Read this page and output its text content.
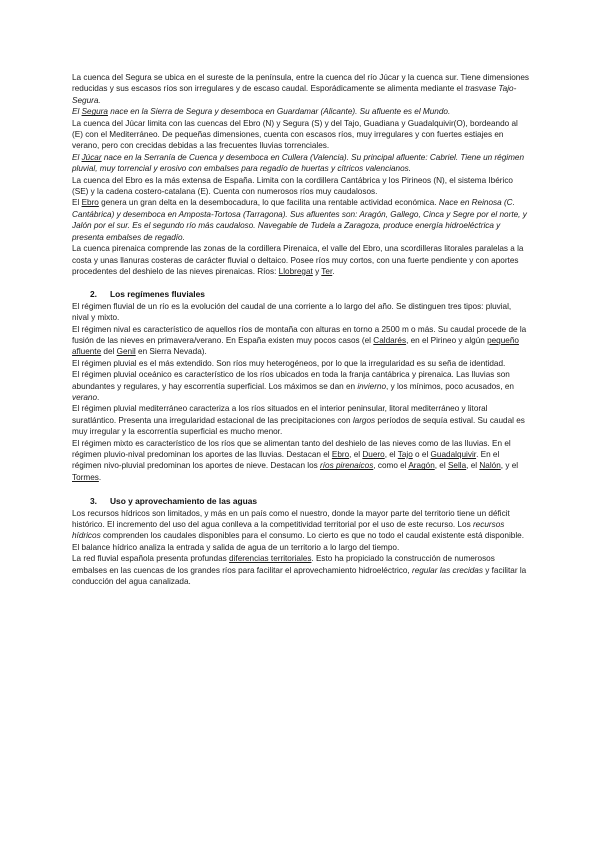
La cuenca del Segura se ubica en el sureste de la península, entre la cuenca del río Júcar y la cuenca sur. Tiene dimensiones reducidas y sus escasos ríos son irregulares y de escaso caudal. Esporádicamente se alimenta mediante el trasvase Tajo-Segura.

El Segura nace en la Sierra de Segura y desemboca en Guardamar (Alicante). Su afluente es el Mundo.

La cuenca del Júcar limita con las cuencas del Ebro (N) y Segura (S) y del Tajo, Guadiana y Guadalquivir(O), bordeando al (E) con el Mediterráneo. De pequeñas dimensiones, cuenta con escasos ríos, muy irregulares y con fuertes estiajes en verano, pero con crecidas debidas a las frecuentes lluvias torrenciales.

El Júcar nace en la Serranía de Cuenca y desemboca en Cullera (Valencia). Su principal afluente: Cabriel. Tiene un régimen pluvial, muy torrencial y erosivo con embalses para regadío de huertas y cítricos valencianos.

La cuenca del Ebro es la más extensa de España. Limita con la cordillera Cantábrica y los Pirineos (N), el sistema Ibérico (SE) y la cadena costero-catalana (E). Cuenta con numerosos ríos muy caudalosos.

El Ebro genera un gran delta en la desembocadura, lo que facilita una rentable actividad económica. Nace en Reinosa (C. Cantábrica) y desemboca en Amposta-Tortosa (Tarragona). Sus afluentes son: Aragón, Gallego, Cinca y Segre por el norte, y Jalón por el sur. Es el segundo río más caudaloso. Navegable de Tudela a Zaragoza, produce energía hidroeléctrica y presenta embalses de regadío.

La cuenca pirenaica comprende las zonas de la cordillera Pirenaica, el valle del Ebro, una scordilleras litorales paralelas a la costa y unas llanuras costeras de carácter fluvial o deltaico. Posee ríos muy cortos, con una fuerte pendiente y con aportes procedentes del deshielo de las nieves pirenaicas. Ríos: Llobregat y Ter.

2. Los regímenes fluviales

El régimen fluvial de un río es la evolución del caudal de una corriente a lo largo del año. Se distinguen tres tipos: pluvial, nival y mixto.

El régimen nival es característico de aquellos ríos de montaña con alturas en torno a 2500 m o más. Su caudal procede de la fusión de las nieves en primavera/verano. En España existen muy pocos casos (el Caldarés, en el Pirineo y algún pequeño afluente del Genil en Sierra Nevada).

El régimen pluvial es el más extendido. Son ríos muy heterogéneos, por lo que la irregularidad es su seña de identidad.

El régimen pluvial oceánico es característico de los ríos ubicados en toda la franja cantábrica y pirenaica. Las lluvias son abundantes y regulares, y hay escorrentía superficial. Los máximos se dan en invierno, y los mínimos, poco acusados, en verano.

El régimen pluvial mediterráneo caracteriza a los ríos situados en el interior peninsular, litoral mediterráneo y litoral suratlántico. Presenta una irregularidad estacional de las precipitaciones con largos períodos de sequía estival. Su caudal es muy irregular y la escorrentía superficial es mucho menor.

El régimen mixto es característico de los ríos que se alimentan tanto del deshielo de las nieves como de las lluvias. En el régimen pluvio-nival predominan los aportes de las lluvias. Destacan el Ebro, el Duero, el Tajo o el Guadalquivir. En el régimen nivo-pluvial predominan los aportes de nieve. Destacan los ríos pirenaicos, como el Aragón, el Sella, el Nalón, y el Tormes.

3. Uso y aprovechamiento de las aguas

Los recursos hídricos son limitados, y más en un país como el nuestro, donde la mayor parte del territorio tiene un déficit histórico. El incremento del uso del agua conlleva a la competitividad territorial por el uso de este recurso. Los recursos hídricos comprenden los caudales disponibles para el consumo. Lo cierto es que no todo el caudal existente está disponible. El balance hídrico analiza la entrada y salida de agua de un territorio a lo largo del tiempo.

La red fluvial española presenta profundas diferencias territoriales. Esto ha propiciado la construcción de numerosos embalses en las cuencas de los grandes ríos para facilitar el aprovechamiento hidroeléctrico, regular las crecidas y facilitar la conducción del agua canalizada.
